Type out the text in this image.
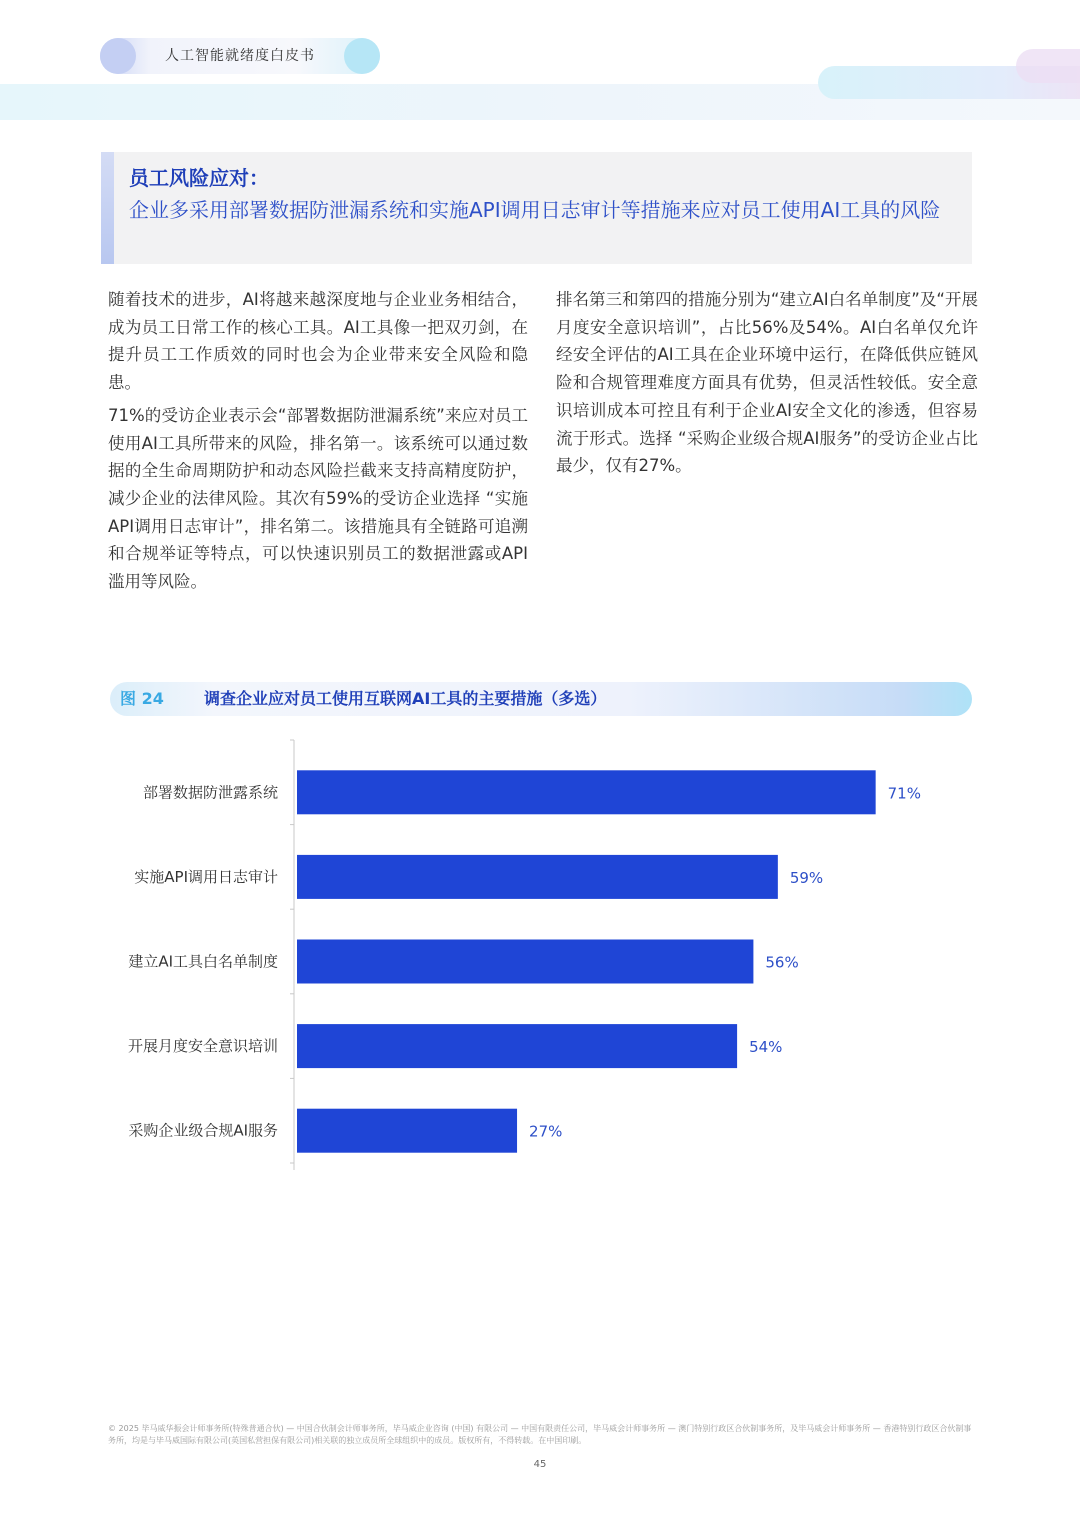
人工智能就绪度白皮书
员工风险应对：
企业多采用部署数据防泄漏系统和实施API调用日志审计等措施来应对员工使用AI工具的风险

随着技术的进步，AI将越来越深度地与企业业务相结合，成为员工日常工作的核心工具。AI工具像一把双刃剑，在提升员工工作质效的同时也会为企业带来安全风险和隐患。

71%的受访企业表示会“部署数据防泄漏系统”来应对员工使用AI工具所带来的风险，排名第一。该系统可以通过数据的全生命周期防护和动态风险拦截来支持高精度防护，减少企业的法律风险。其次有59%的受访企业选择 “实施API调用日志审计”，排名第二。该措施具有全链路可追溯和合规举证等特点，可以快速识别员工的数据泄露或API滥用等风险。

排名第三和第四的措施分别为“建立AI白名单制度”及“开展月度安全意识培训”，占比56%及54%。AI白名单仅允许经安全评估的AI工具在企业环境中运行，在降低供应链风险和合规管理难度方面具有优势，但灵活性较低。安全意识培训成本可控且有利于企业AI安全文化的渗透，但容易流于形式。选择 “采购企业级合规AI服务”的受访企业占比最少，仅有27%。

图 24	调查企业应对员工使用互联网AI工具的主要措施（多选）
部署数据防泄露系统	71%
实施API调用日志审计	59%
建立AI工具白名单制度	56%
开展月度安全意识培训	54%
采购企业级合规AI服务	27%
© 2025 毕马威华振会计师事务所(特殊普通合伙) — 中国合伙制会计师事务所，毕马威企业咨询 (中国) 有限公司 — 中国有限责任公司，毕马威会计师事务所 — 澳门特别行政区合伙制事务所，及毕马威会计师事务所 — 香港特别行政区合伙制事务所，均是与毕马威国际有限公司(英国私营担保有限公司)相关联的独立成员所全球组织中的成员。版权所有，不得转载。在中国印刷。
45
